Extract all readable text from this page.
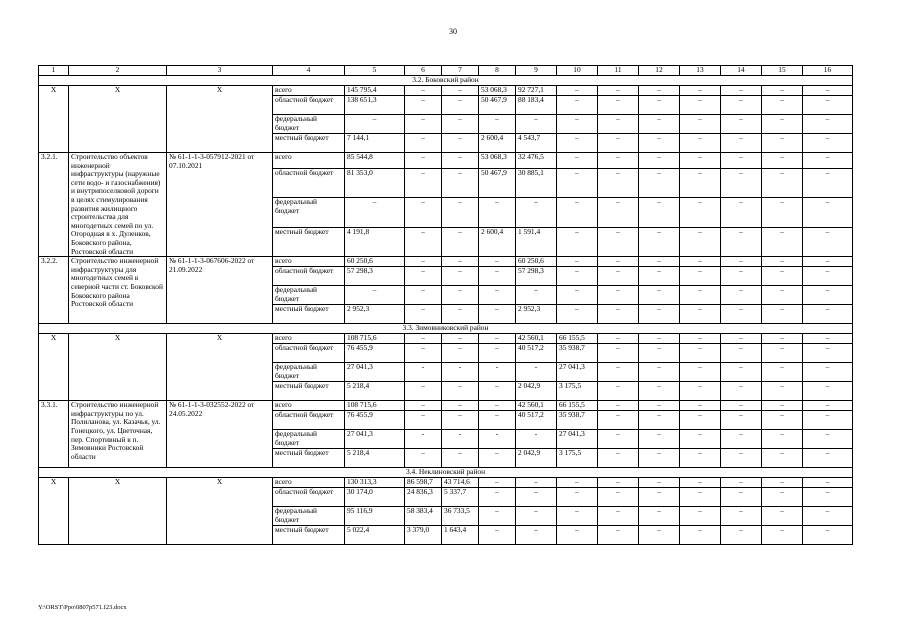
30
1	2	3	4	5	6	7	8	9	10	11	12	13	14	15	16
3.2. Боковский район															
X	X	X	всего	145 795,4	–	–	53 068,3	92 727,1	–	–	–	–	–	–	–
			областной бюджет	138 651,3	–	–	50 467,9	88 183,4	–	–	–	–	–	–	–
			федеральный бюджет	–	–	–	–	–	–	–	–	–	–	–	–
			местный бюджет	7 144,1	–	–	2 600,4	4 543,7	–	–	–	–	–	–	–
3.2.1.	Строительство объектов инженерной инфраструктуры (наружные сети водо- и газоснабжения) и внутрипоселковой дороги в целях стимулирования развития жилищного строительства для многодетных семей по ул. Огородная в х. Дуленков, Боковского района, Ростовской области	№ 61-1-1-3-057912-2021 от 07.10.2021	всего	85 544,8	–	–	53 068,3	32 476,5	–	–	–	–	–	–	–
			областной бюджет	81 353,0	–	–	50 467,9	30 885,1	–	–	–	–	–	–	–
			федеральный бюджет	–	–	–	–	–	–	–	–	–	–	–	–
			местный бюджет	4 191,8	–	–	2 600,4	1 591,4	–	–	–	–	–	–	–
3.2.2.	Строительство инженерной инфраструктуры для многодетных семей в северной части ст. Боковской Боковского района Ростовской области	№ 61-1-1-3-067606-2022 от 21.09.2022	всего	60 250,6	–	–	–	60 250,6	–	–	–	–	–	–	–
			областной бюджет	57 298,3	–	–	–	57 298,3	–	–	–	–	–	–	–
			федеральный бюджет	–	–	–	–	–	–	–	–	–	–	–	–
			местный бюджет	2 952,3	–	–	–	2 952,3	–	–	–	–	–	–	–
3.3. Зимовниковский район															
X	X	X	всего	108 715,6	–	–	–	42 560,1	66 155,5	–	–	–	–	–	–
			областной бюджет	76 455,9	–	–	–	40 517,2	35 938,7	–	–	–	–	–	–
			федеральный бюджет	27 041,3	-	-	-	-	27 041,3	–	–	–	–	–	–
			местный бюджет	5 218,4	–	–	–	2 042,9	3 175,5	–	–	–	–	–	–
3.3.1.	Строительство инженерной инфраструктуры по ул. Полиланова, ул. Казачья, ул. Гонецкого, ул. Цветочная, пер. Спортивный в п. Зимовники Ростовской области	№ 61-1-1-3-032552-2022 от 24.05.2022	всего	108 715,6	–	–	–	42 560,1	66 155,5	–	–	–	–	–	–
			областной бюджет	76 455,9	–	–	–	40 517,2	35 938,7	–	–	–	–	–	–
			федеральный бюджет	27 041,3	-	-	-	-	27 041,3	–	–	–	–	–	–
			местный бюджет	5 218,4	–	–	–	2 042,9	3 175,5	–	–	–	–	–	–
3.4. Неклиновский район															
X	X	X	всего	130 313,3	86 598,7	43 714,6	–	–	–	–	–	–	–	–	–
			областной бюджет	30 174,0	24 836,3	5 337,7	–	–	–	–	–	–	–	–	–
			федеральный бюджет	95 116,9	58 383,4	36 733,5	–	–	–	–	–	–	–	–	–
			местный бюджет	5 022,4	3 379,0	1 643,4	–	–	–	–	–	–	–	–	–
Y:\ORST\Ppo\0807p571.f23.docx
